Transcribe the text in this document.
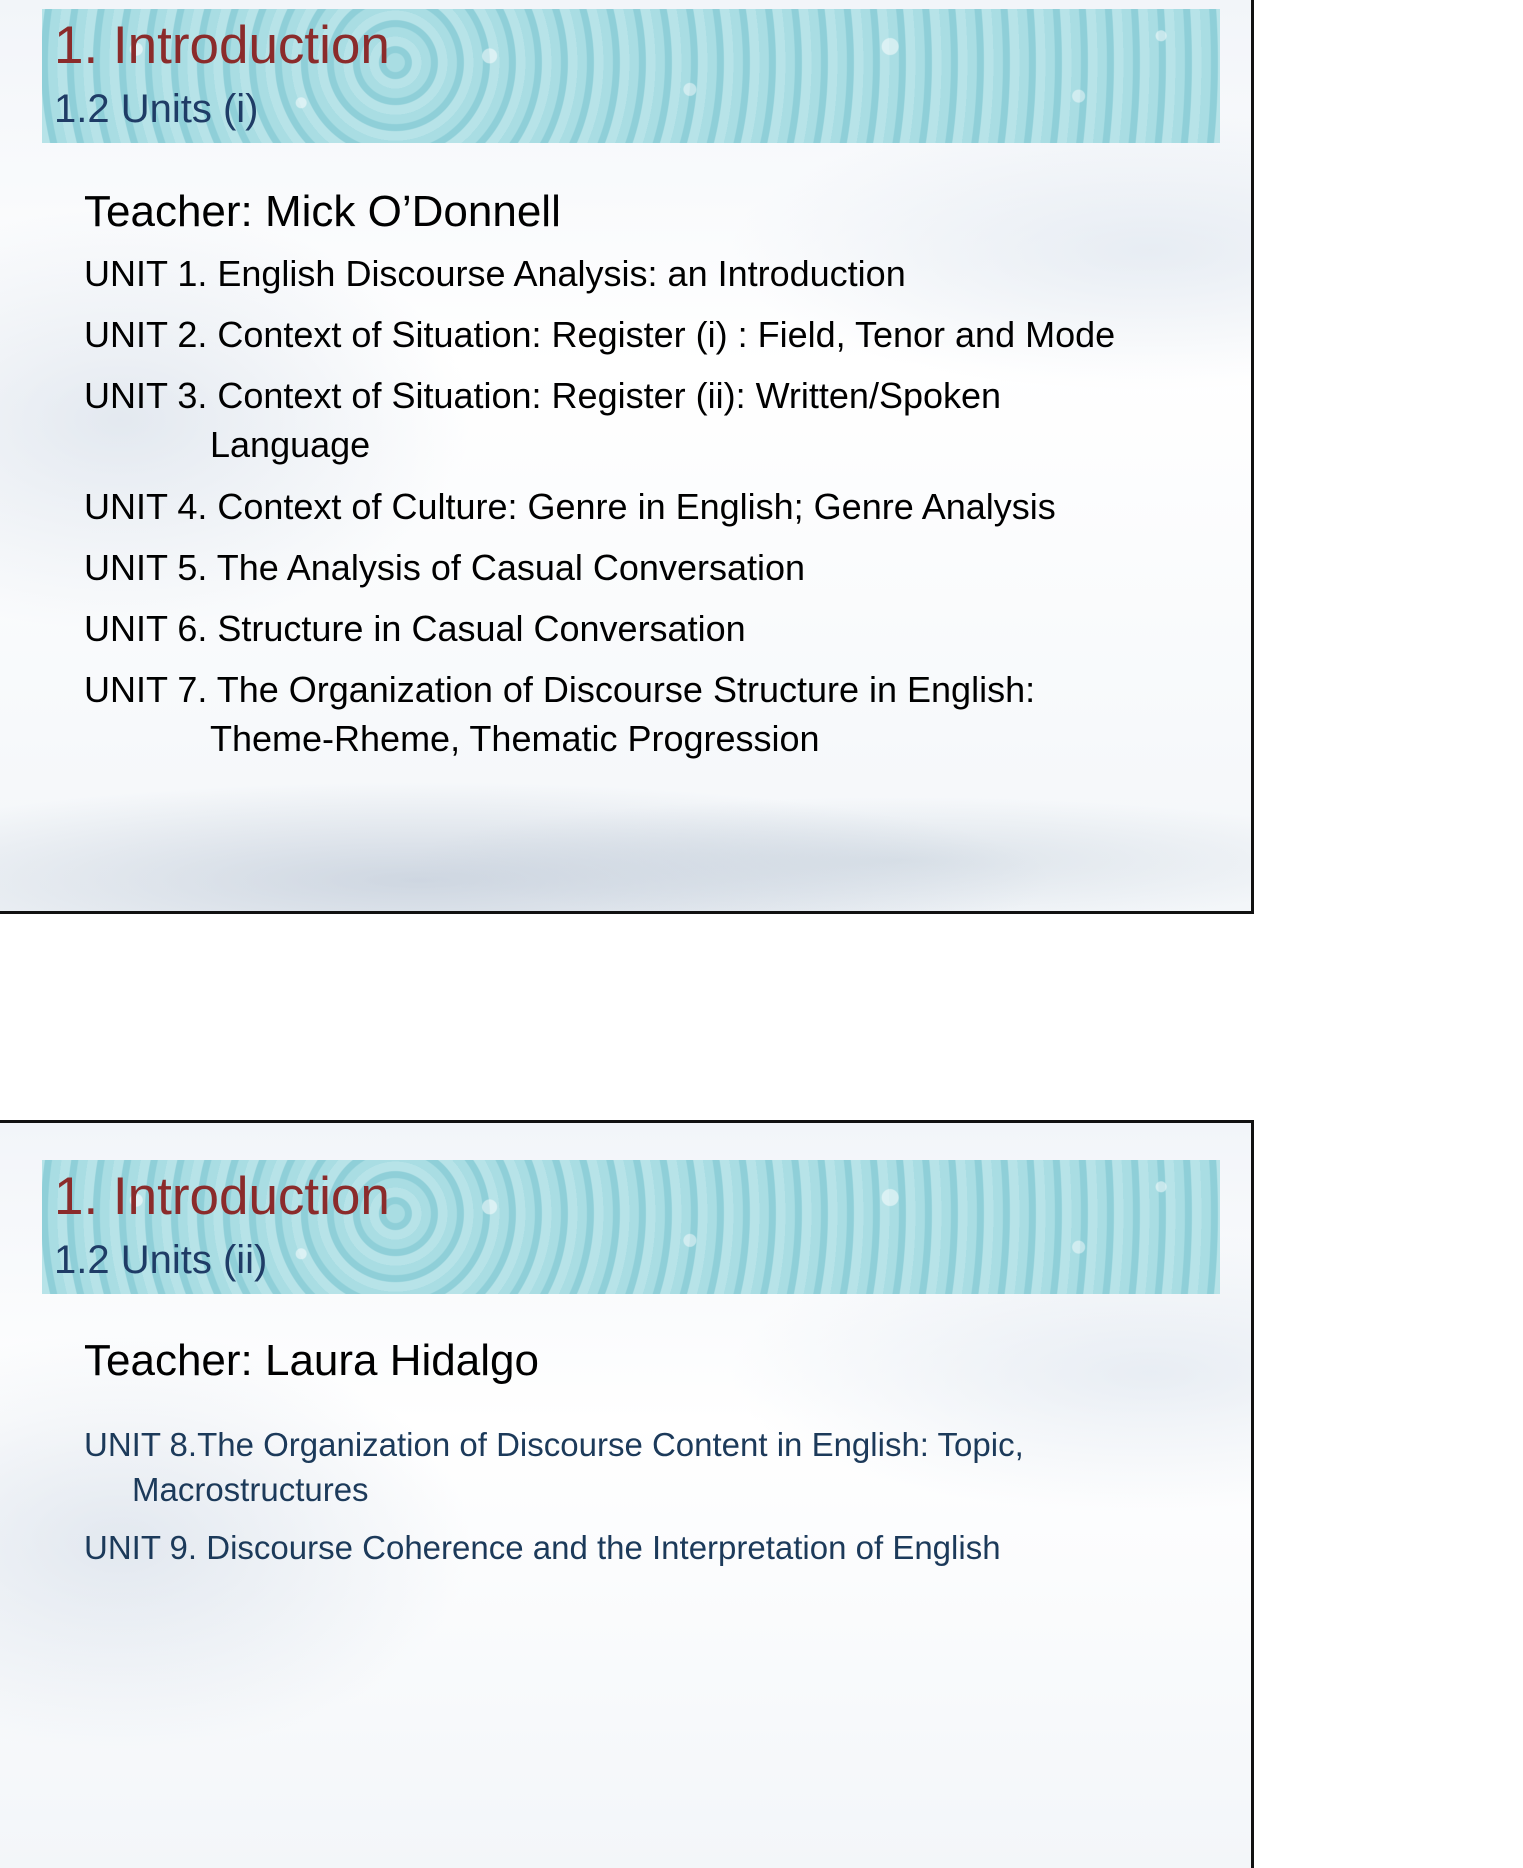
1. Introduction
1.2 Units (i)
Teacher: Mick O’Donnell
UNIT 1. English Discourse Analysis: an Introduction
UNIT 2. Context of Situation: Register (i) : Field, Tenor and Mode
UNIT 3. Context of Situation: Register (ii): Written/Spoken
Language
UNIT 4. Context of Culture: Genre in English; Genre Analysis
UNIT 5. The Analysis of Casual Conversation
UNIT 6. Structure in Casual Conversation
UNIT 7. The Organization of Discourse Structure in English:
Theme-Rheme, Thematic Progression
1. Introduction
1.2 Units (ii)
Teacher: Laura Hidalgo
UNIT 8.The Organization of Discourse Content in English: Topic,
Macrostructures
UNIT 9. Discourse Coherence and the Interpretation of English
